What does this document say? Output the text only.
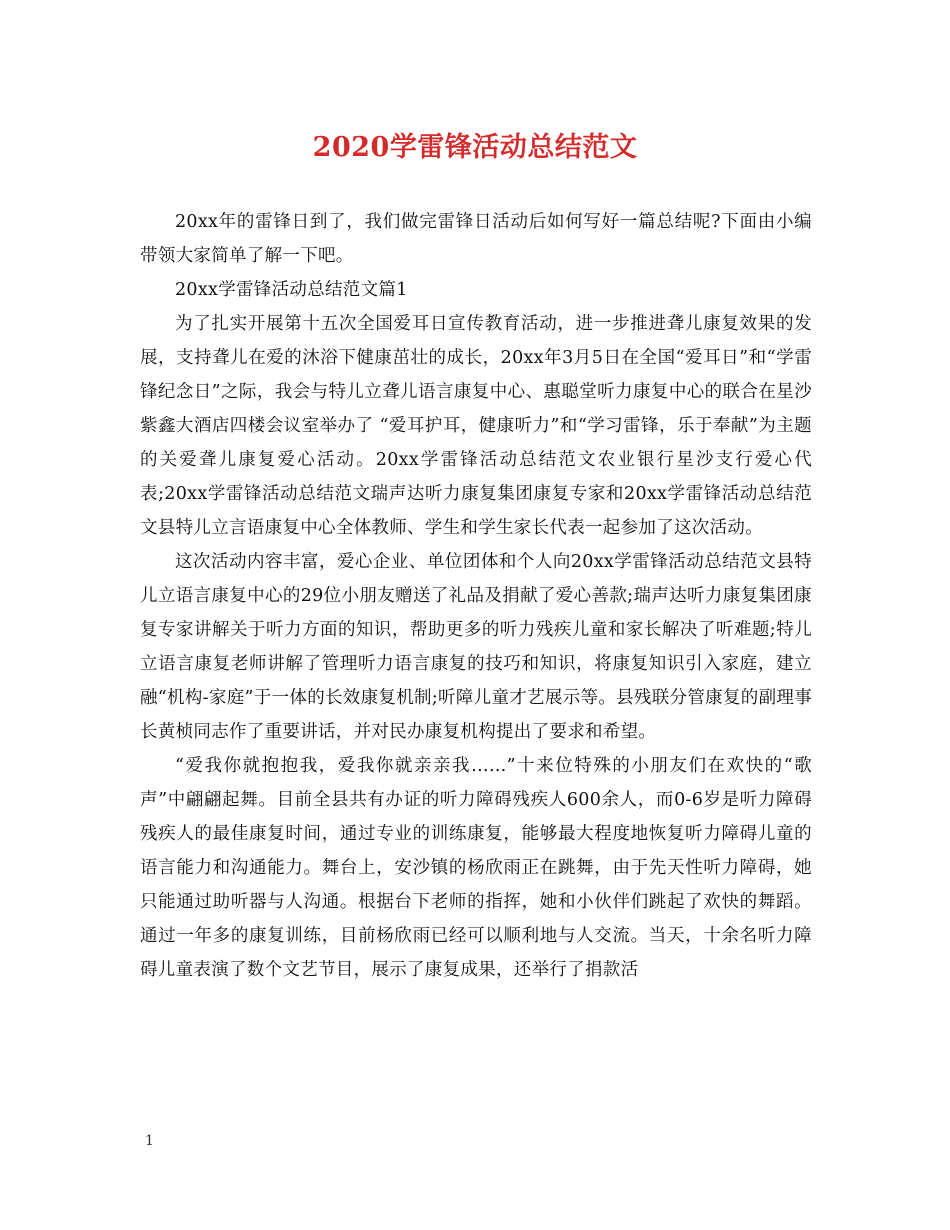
2020学雷锋活动总结范文

20xx年的雷锋日到了，我们做完雷锋日活动后如何写好一篇总结呢?下面由小编带领大家简单了解一下吧。

20xx学雷锋活动总结范文篇1

为了扎实开展第十五次全国爱耳日宣传教育活动，进一步推进聋儿康复效果的发展，支持聋儿在爱的沐浴下健康茁壮的成长，20xx年3月5日在全国“爱耳日”和“学雷锋纪念日”之际，我会与特儿立聋儿语言康复中心、惠聪堂听力康复中心的联合在星沙紫鑫大酒店四楼会议室举办了 “爱耳护耳，健康听力”和“学习雷锋，乐于奉献”为主题的关爱聋儿康复爱心活动。20xx学雷锋活动总结范文农业银行星沙支行爱心代表;20xx学雷锋活动总结范文瑞声达听力康复集团康复专家和20xx学雷锋活动总结范文县特儿立言语康复中心全体教师、学生和学生家长代表一起参加了这次活动。

这次活动内容丰富，爱心企业、单位团体和个人向20xx学雷锋活动总结范文县特儿立语言康复中心的29位小朋友赠送了礼品及捐献了爱心善款;瑞声达听力康复集团康复专家讲解关于听力方面的知识，帮助更多的听力残疾儿童和家长解决了听难题;特儿立语言康复老师讲解了管理听力语言康复的技巧和知识，将康复知识引入家庭，建立融“机构-家庭”于一体的长效康复机制;听障儿童才艺展示等。县残联分管康复的副理事长黄桢同志作了重要讲话，并对民办康复机构提出了要求和希望。

“爱我你就抱抱我，爱我你就亲亲我……”十来位特殊的小朋友们在欢快的“歌声”中翩翩起舞。目前全县共有办证的听力障碍残疾人600余人，而0-6岁是听力障碍残疾人的最佳康复时间，通过专业的训练康复，能够最大程度地恢复听力障碍儿童的语言能力和沟通能力。舞台上，安沙镇的杨欣雨正在跳舞，由于先天性听力障碍，她只能通过助听器与人沟通。根据台下老师的指挥，她和小伙伴们跳起了欢快的舞蹈。通过一年多的康复训练，目前杨欣雨已经可以顺利地与人交流。当天，十余名听力障碍儿童表演了数个文艺节目，展示了康复成果，还举行了捐款活

1
